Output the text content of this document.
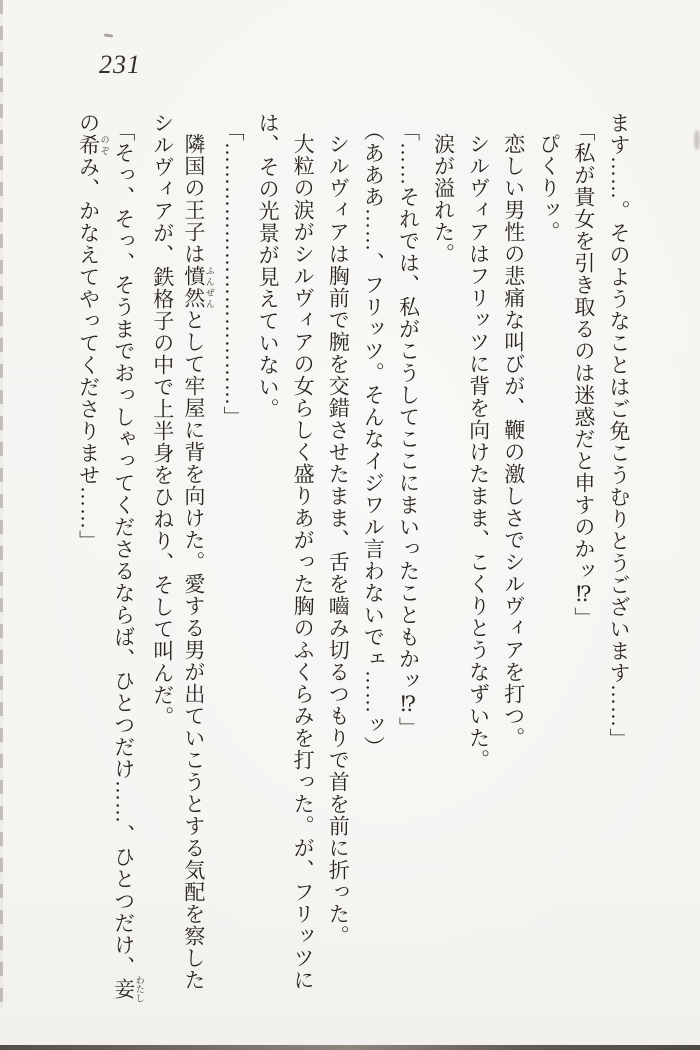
231
ます……。そのようなことはご免こうむりとうございます……」
「私が貴女を引き取るのは迷惑だと申すのかッ⁉」
ぴくりッ。
恋しい男性の悲痛な叫びが、鞭の激しさでシルヴィアを打つ。
シルヴィアはフリッツに背を向けたまま、こくりとうなずいた。
涙が溢れた。
「……それでは、私がこうしてここにまいったこともかッ⁉」
（あああ……、フリッツ。そんなイジワル言わないでェ……ッ）
シルヴィアは胸前で腕を交錯させたまま、舌を嚙み切るつもりで首を前に折った。
大粒の涙がシルヴィアの女らしく盛りあがった胸のふくらみを打った。が、フリッツに
は、その光景が見えていない。
「………………………………」
隣国の王子は憤然 ふんぜんとして牢屋に背を向けた。愛する男が出ていこうとする気配を察した
シルヴィアが、鉄格子の中で上半身をひねり、そして叫んだ。
「そっ、そっ、そうまでおっしゃってくださるならば、ひとつだけ……、ひとつだけ、妾 わたし
の希 のぞみ、かなえてやってくださりませ……」
